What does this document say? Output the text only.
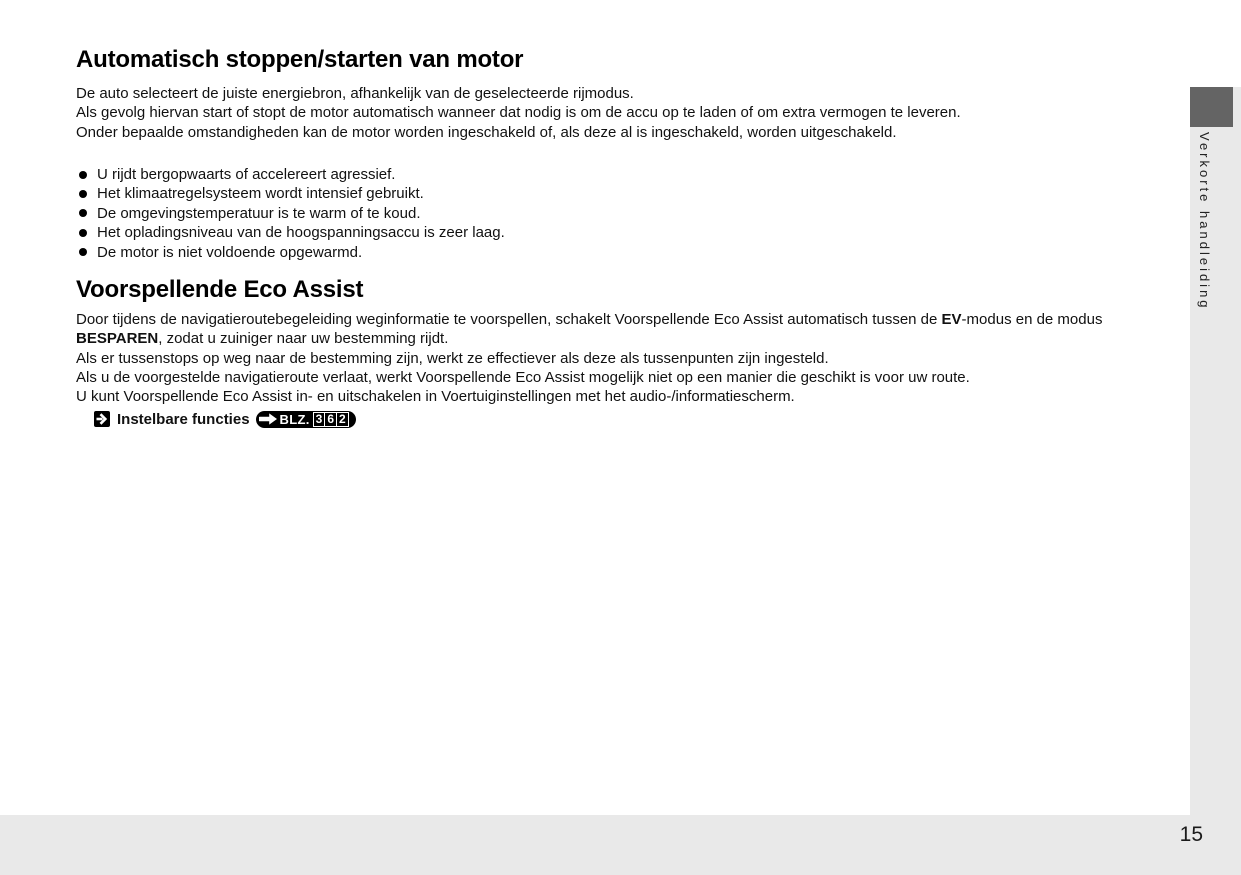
Automatisch stoppen/starten van motor
De auto selecteert de juiste energiebron, afhankelijk van de geselecteerde rijmodus.
Als gevolg hiervan start of stopt de motor automatisch wanneer dat nodig is om de accu op te laden of om extra vermogen te leveren.
Onder bepaalde omstandigheden kan de motor worden ingeschakeld of, als deze al is ingeschakeld, worden uitgeschakeld.
U rijdt bergopwaarts of accelereert agressief.
Het klimaatregelsysteem wordt intensief gebruikt.
De omgevingstemperatuur is te warm of te koud.
Het opladingsniveau van de hoogspanningsaccu is zeer laag.
De motor is niet voldoende opgewarmd.
Voorspellende Eco Assist
Door tijdens de navigatieroutebegeleiding weginformatie te voorspellen, schakelt Voorspellende Eco Assist automatisch tussen de EV-modus en de modus
BESPAREN, zodat u zuiniger naar uw bestemming rijdt.
Als er tussenstops op weg naar de bestemming zijn, werkt ze effectiever als deze als tussenpunten zijn ingesteld.
Als u de voorgestelde navigatieroute verlaat, werkt Voorspellende Eco Assist mogelijk niet op een manier die geschikt is voor uw route.
U kunt Voorspellende Eco Assist in- en uitschakelen in Voertuiginstellingen met het audio-/informatiescherm.
Instelbare functies BLZ. 3 6 2
Verkorte handleiding
15
